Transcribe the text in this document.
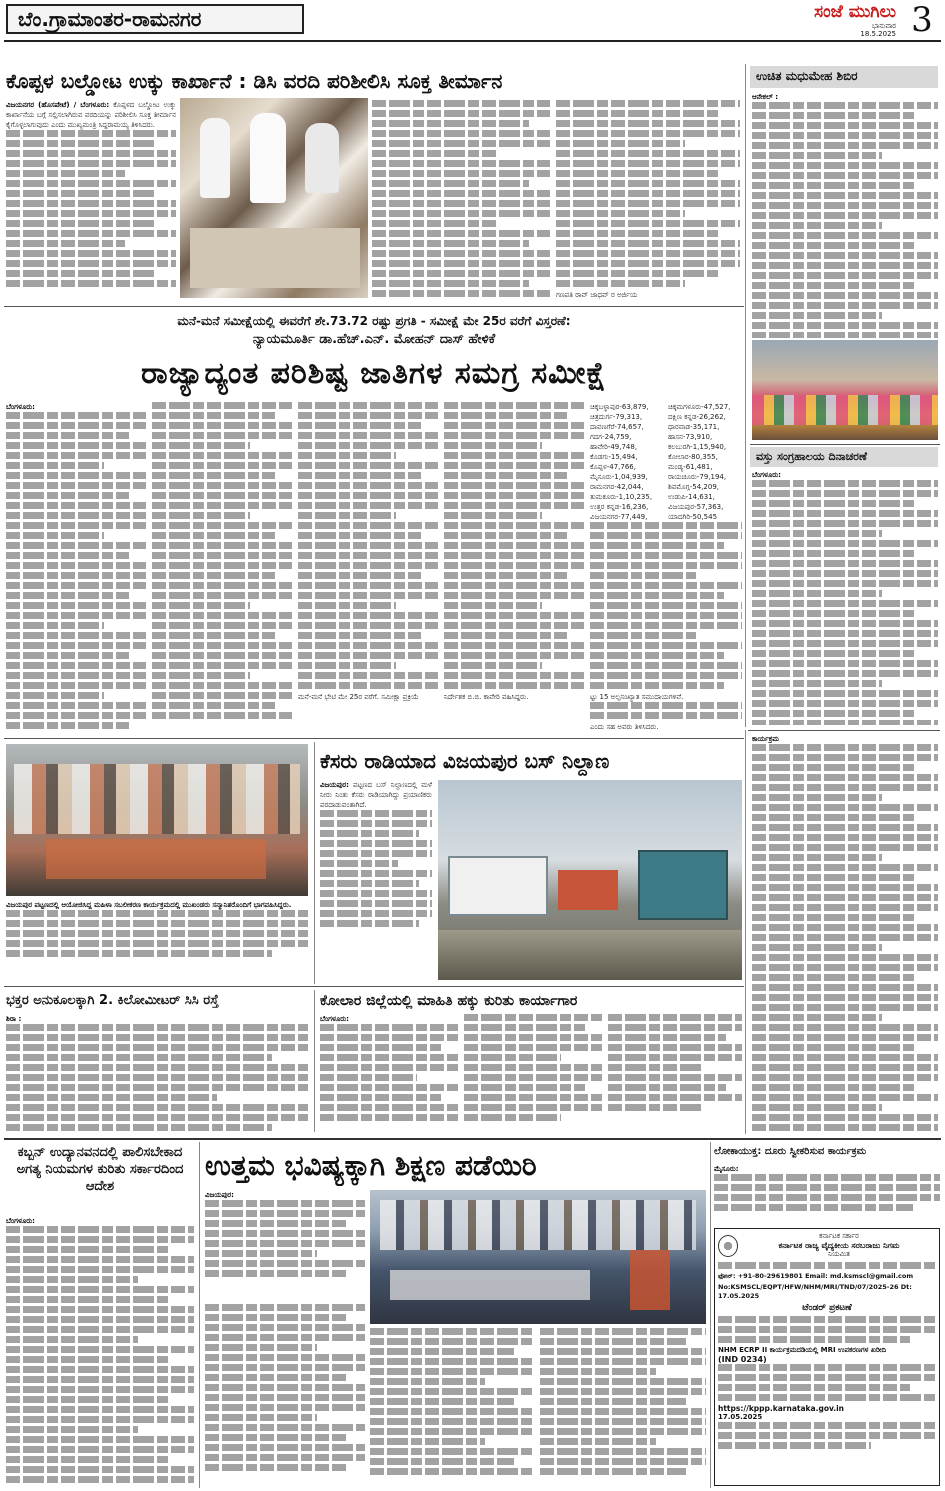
ಬೆಂ.ಗ್ರಾಮಾಂತರ-ರಾಮನಗರ	ಸಂಜೆ ಮುಗಿಲು
ಭಾನುವಾರ
18.5.2025 3
ಕೊಪ್ಪಳ ಬಲ್ಡೋಟ ಉಕ್ಕು ಕಾರ್ಖಾನೆ : ಡಿಸಿ ವರದಿ ಪರಿಶೀಲಿಸಿ ಸೂಕ್ತ ತೀರ್ಮಾನ
ವಿಜಯನಗರ (ಹೊಸಪೇಟೆ) / ಬೆಂಗಳೂರು: ಕೊಪ್ಪಳದ ಬಲ್ಡೋಟ ಉಕ್ಕು ಕಾರ್ಖಾನೆಯ ಬಗ್ಗೆ ಸಲ್ಲಿಸಲಾಗಿರುವ ವರದಿಯನ್ನು ಪರಿಶೀಲಿಸಿ ಸೂಕ್ತ ತೀರ್ಮಾನ ಕೈಗೊಳ್ಳಲಾಗುವುದು ಎಂದು ಮುಖ್ಯಮಂತ್ರಿ ಸಿದ್ದರಾಮಯ್ಯ ತಿಳಿಸಿದರು.
ಗಣಪತಿ ರಾವ್ ಜಾಧವ್ ರ ಅರ್ಜಿಯ
ಉಚಿತ ಮಧುಮೇಹ ಶಿಬಿರ
ಆನೇಕಲ್ :
ವಸ್ತು ಸಂಗ್ರಹಾಲಯ ದಿನಾಚರಣೆ
ಬೆಂಗಳೂರು:
ಮನೆ-ಮನೆ ಸಮೀಕ್ಷೆಯಲ್ಲಿ ಈವರೆಗೆ ಶೇ.73.72 ರಷ್ಟು ಪ್ರಗತಿ - ಸಮೀಕ್ಷೆ ಮೇ 25ರ ವರೆಗೆ ವಿಸ್ತರಣೆ:
ನ್ಯಾಯಮೂರ್ತಿ ಡಾ.ಹೆಚ್.ಎನ್. ಮೋಹನ್ ದಾಸ್ ಹೇಳಿಕೆ
ರಾಜ್ಯಾದ್ಯಂತ ಪರಿಶಿಷ್ಟ ಜಾತಿಗಳ ಸಮಗ್ರ ಸಮೀಕ್ಷೆ
ಬೆಂಗಳೂರು:
ಮನೆ-ಮನೆ ಭೇಟಿ ಮೇ 25ರ ವರೆಗೆ. ಸಮೀಕ್ಷಾ ಪ್ರಕ್ರಿಯೆ	ನಿರ್ದೇಶಕ ಬಿ.ಬಿ. ಕಾವೇರಿ ವಹಿಸಿದ್ದರು.
ಚಿಕ್ಕಬಳ್ಳಾಪುರ-63,879,	ಚಿಕ್ಕಮಗಳೂರು-47,527,
ಚಿತ್ರದುರ್ಗ-79,313,	ದಕ್ಷಿಣ ಕನ್ನಡ-26,262,
ದಾವಣಗೆರೆ-74,657,	ಧಾರವಾಡ-35,171,
ಗದಗ-24,759,	ಹಾಸನ-73,910,
ಹಾವೇರಿ-49,748,	ಕಲಬುರಗಿ-1,15,940,
ಕೊಡಗು-15,494,	ಕೋಲಾರ-80,355,
ಕೊಪ್ಪಳ-47,766,	ಮಂಡ್ಯ-61,481,
ಮೈಸೂರು-1,04,939,	ರಾಯಚೂರು-79,194,
ರಾಮನಗರ-42,044,	ಶಿವಮೊಗ್ಗ-54,209,
ತುಮಕೂರು-1,10,235,	ಉಡುಪಿ-14,631,
ಉತ್ತರ ಕನ್ನಡ-16,236,	ವಿಜಯಪುರ-57,363,
ವಿಜಯನಗರ-77,449,	ಯಾದಗಿರಿ-50,545
ಟ್ಟು 15 ಅಲ್ಪಸಂಖ್ಯಾತ ಸಮುದಾಯಗಳಿವೆ.
ಎಂದು ಸಹ ಅವರು ತಿಳಿಸಿದರು.
ವಿಜಯಪುರ ಪಟ್ಟಣದಲ್ಲಿ ಆಯೋಜಿಸಿದ್ದ ಮಹಿಳಾ ಸಬಲೀಕರಣ ಕಾರ್ಯಕ್ರಮದಲ್ಲಿ ಮುಖಂಡರು ಸನ್ಮಾನಿತರೊಂದಿಗೆ ಭಾಗವಹಿಸಿದ್ದರು.
ಕೆಸರು ರಾಡಿಯಾದ ವಿಜಯಪುರ ಬಸ್ ನಿಲ್ದಾಣ
ವಿಜಯಪುರ: ಪಟ್ಟಣದ ಬಸ್ ನಿಲ್ದಾಣದಲ್ಲಿ ಮಳೆ ನೀರು ನಿಂತು ಕೆಸರು ರಾಡಿಯಾಗಿದ್ದು ಪ್ರಯಾಣಿಕರು ಪರದಾಡುವಂತಾಗಿದೆ.
ಭಕ್ತರ ಅನುಕೂಲಕ್ಕಾಗಿ 2. ಕಿಲೋಮೀಟರ್ ಸಿಸಿ ರಸ್ತೆ
ಶಿರಾ :
ಕೋಲಾರ ಜಿಲ್ಲೆಯಲ್ಲಿ ಮಾಹಿತಿ ಹಕ್ಕು ಕುರಿತು ಕಾರ್ಯಾಗಾರ
ಬೆಂಗಳೂರು:
ಕಾರ್ಯಕ್ರಮ
ಕಬ್ಬನ್ ಉದ್ಯಾನವನದಲ್ಲಿ ಪಾಲಿಸಬೇಕಾದ ಅಗತ್ಯ ನಿಯಮಗಳ ಕುರಿತು ಸರ್ಕಾರದಿಂದ ಆದೇಶ
ಬೆಂಗಳೂರು:
ಉತ್ತಮ ಭವಿಷ್ಯಕ್ಕಾಗಿ ಶಿಕ್ಷಣ ಪಡೆಯಿರಿ
ವಿಜಯಪುರ:
ಲೋಕಾಯುಕ್ತ: ದೂರು ಸ್ವೀಕರಿಸುವ ಕಾರ್ಯಕ್ರಮ
ಮೈಸೂರು:
ಕರ್ನಾಟಕ ಸರ್ಕಾರ
ಕರ್ನಾಟಕ ರಾಜ್ಯ ವೈದ್ಯಕೀಯ ಸರಬರಾಜು ನಿಗಮ
ನಿಯಮಿತ
ಫೋನ್: +91-80-29619801 Email: md.ksmscl@gmail.com
No:KSMSCL/EQPT/HFW/NHM/MRI/TND/07/2025-26 Dt: 17.05.2025
ಟೆಂಡರ್ ಪ್ರಕಟಣೆ
NHM ECRP II ಕಾರ್ಯಕ್ರಮದಡಿಯಲ್ಲಿ MRI ಉಪಕರಣಗಳ ಖರೀದಿ
(IND 0234)
https://kppp.karnataka.gov.in
17.05.2025
